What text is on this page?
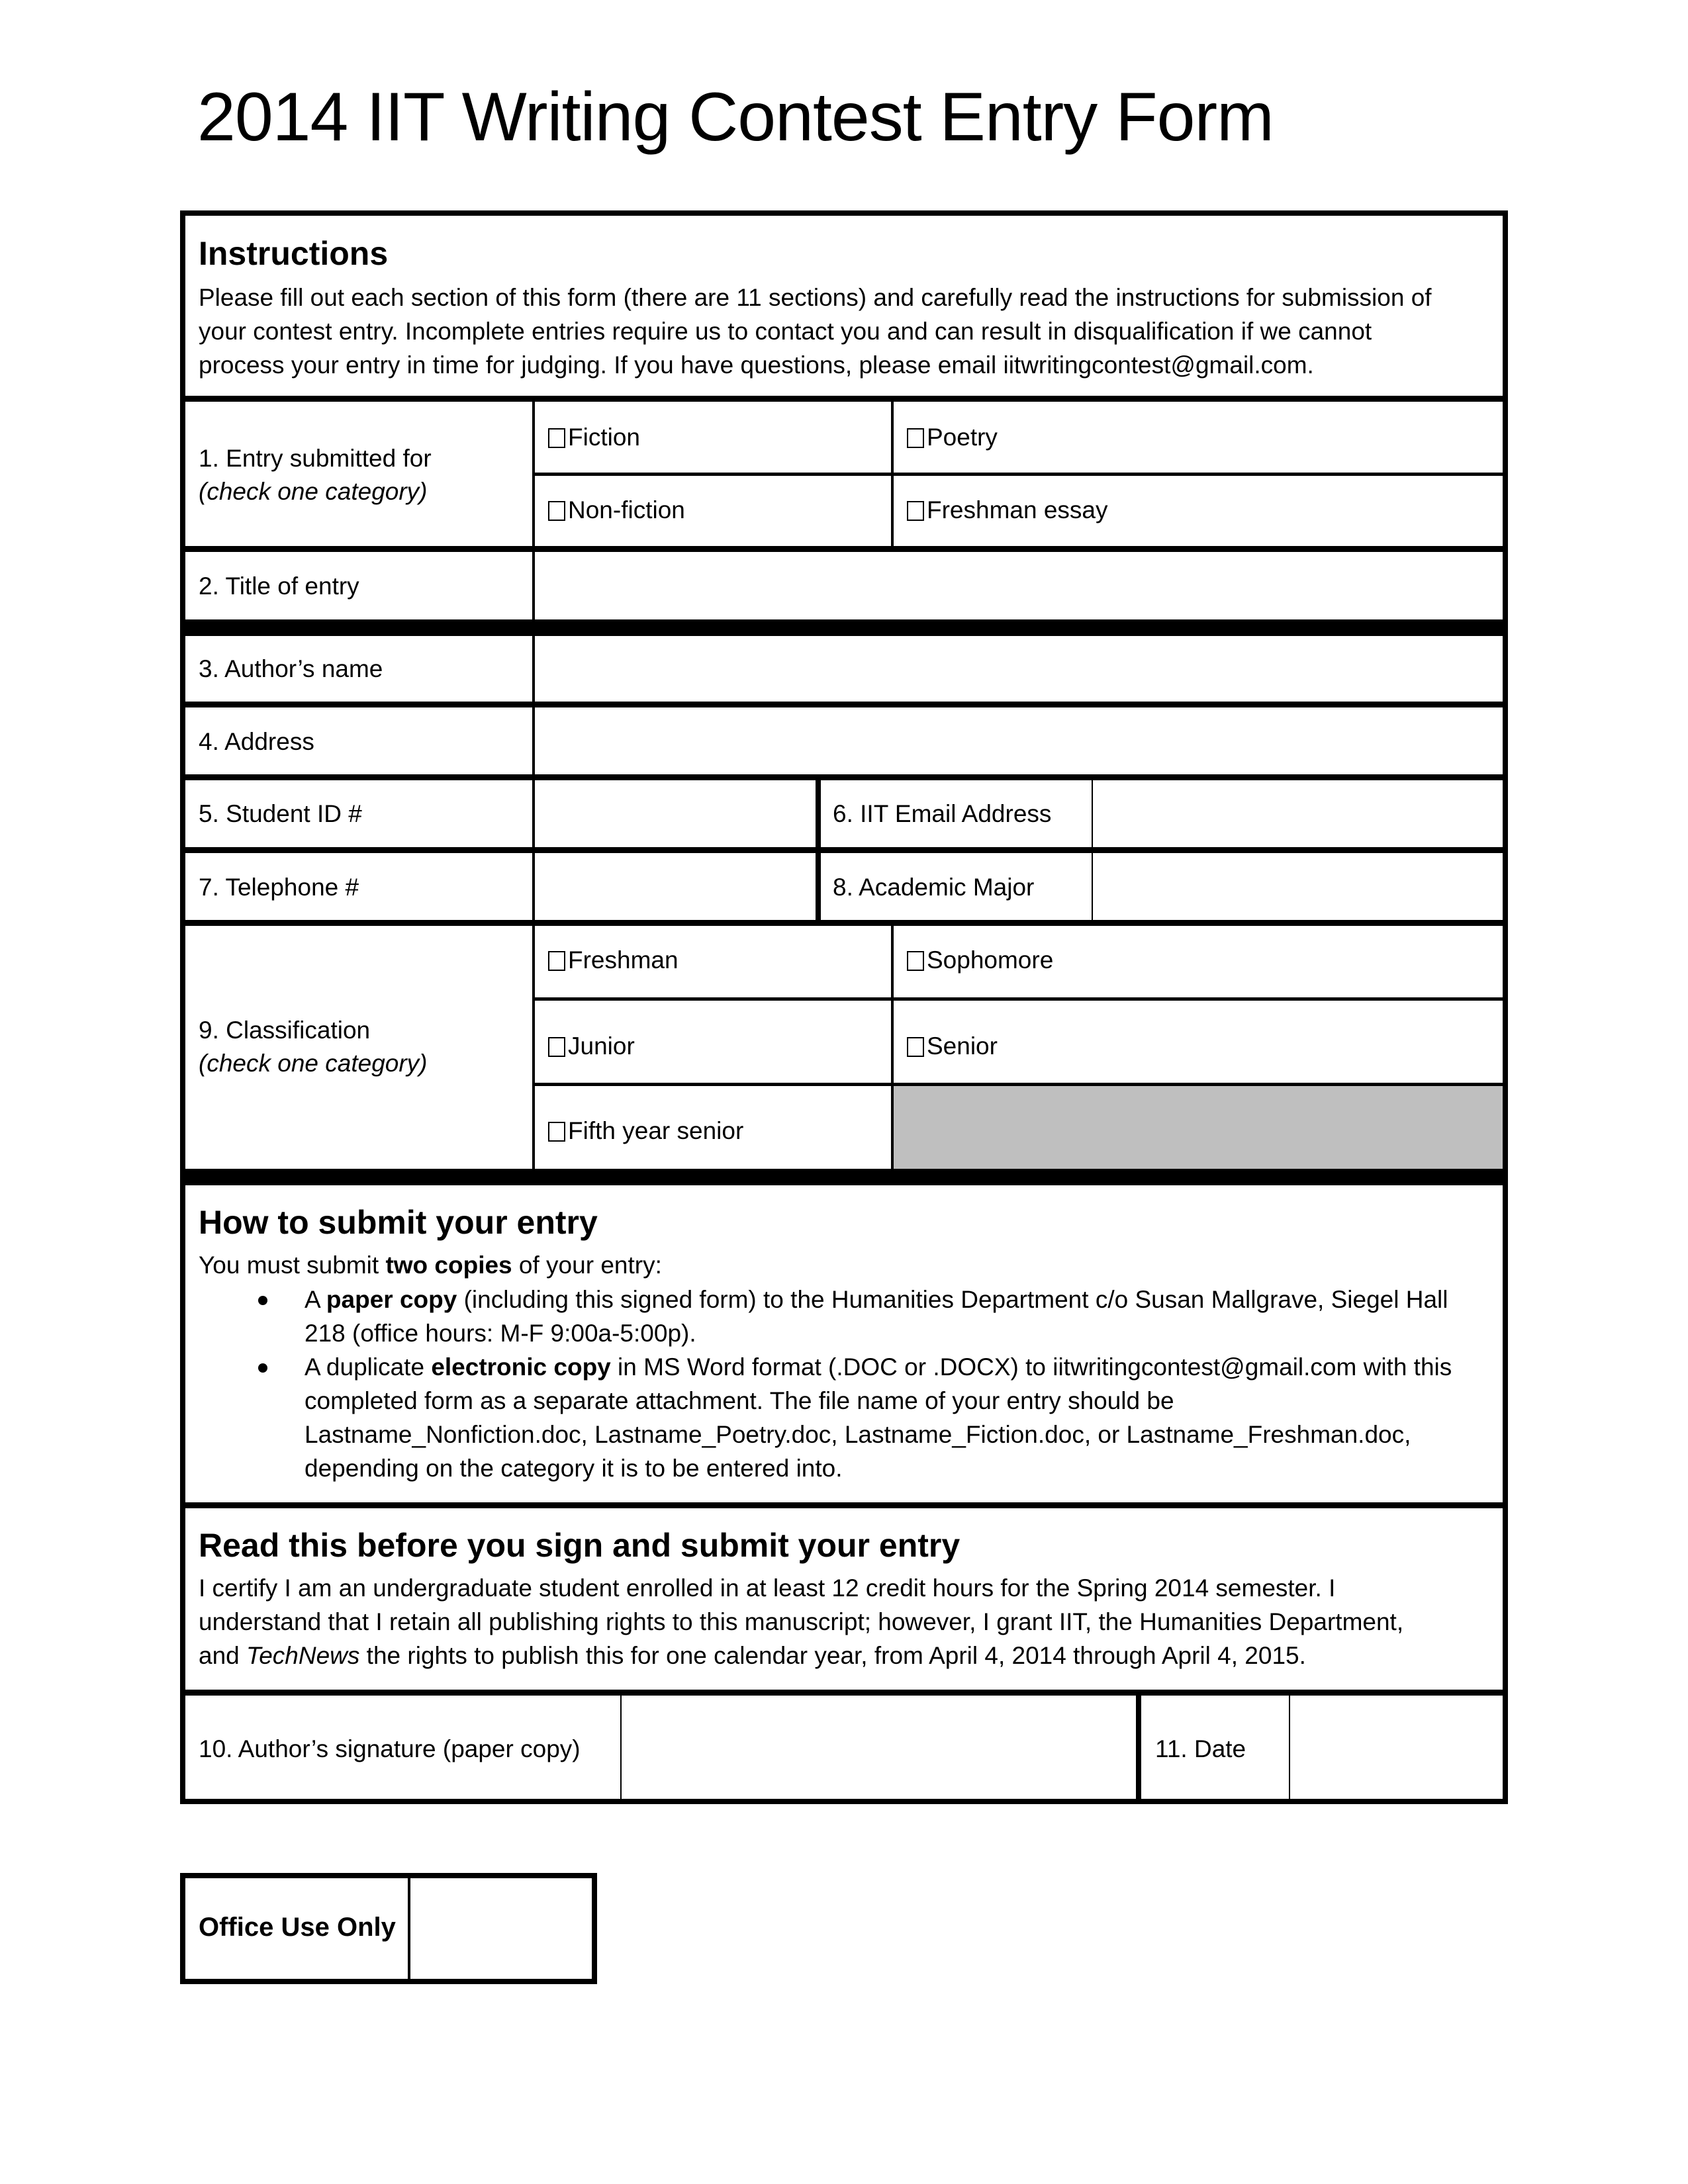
2014 IIT Writing Contest Entry Form
Instructions
Please fill out each section of this form (there are 11 sections) and carefully read the instructions for submission of
your contest entry. Incomplete entries require us to contact you and can result in disqualification if we cannot
process your entry in time for judging. If you have questions, please email iitwritingcontest@gmail.com.
1. Entry submitted for
(check one category)
Fiction	Poetry
Non-fiction	Freshman essay
2. Title of entry
3. Author’s name
4. Address
5. Student ID #	6. IIT Email Address
7. Telephone #	8. Academic Major
9. Classification
(check one category)
Freshman	Sophomore
Junior	Senior
Fifth year senior
How to submit your entry
You must submit two copies of your entry:
A paper copy (including this signed form) to the Humanities Department c/o Susan Mallgrave, Siegel Hall
218 (office hours: M-F 9:00a-5:00p).
A duplicate electronic copy in MS Word format (.DOC or .DOCX) to iitwritingcontest@gmail.com with this
completed form as a separate attachment. The file name of your entry should be
Lastname_Nonfiction.doc, Lastname_Poetry.doc, Lastname_Fiction.doc, or Lastname_Freshman.doc,
depending on the category it is to be entered into.
Read this before you sign and submit your entry
I certify I am an undergraduate student enrolled in at least 12 credit hours for the Spring 2014 semester. I
understand that I retain all publishing rights to this manuscript; however, I grant IIT, the Humanities Department,
and TechNews the rights to publish this for one calendar year, from April 4, 2014 through April 4, 2015.
10. Author’s signature (paper copy)	11. Date
Office Use Only
